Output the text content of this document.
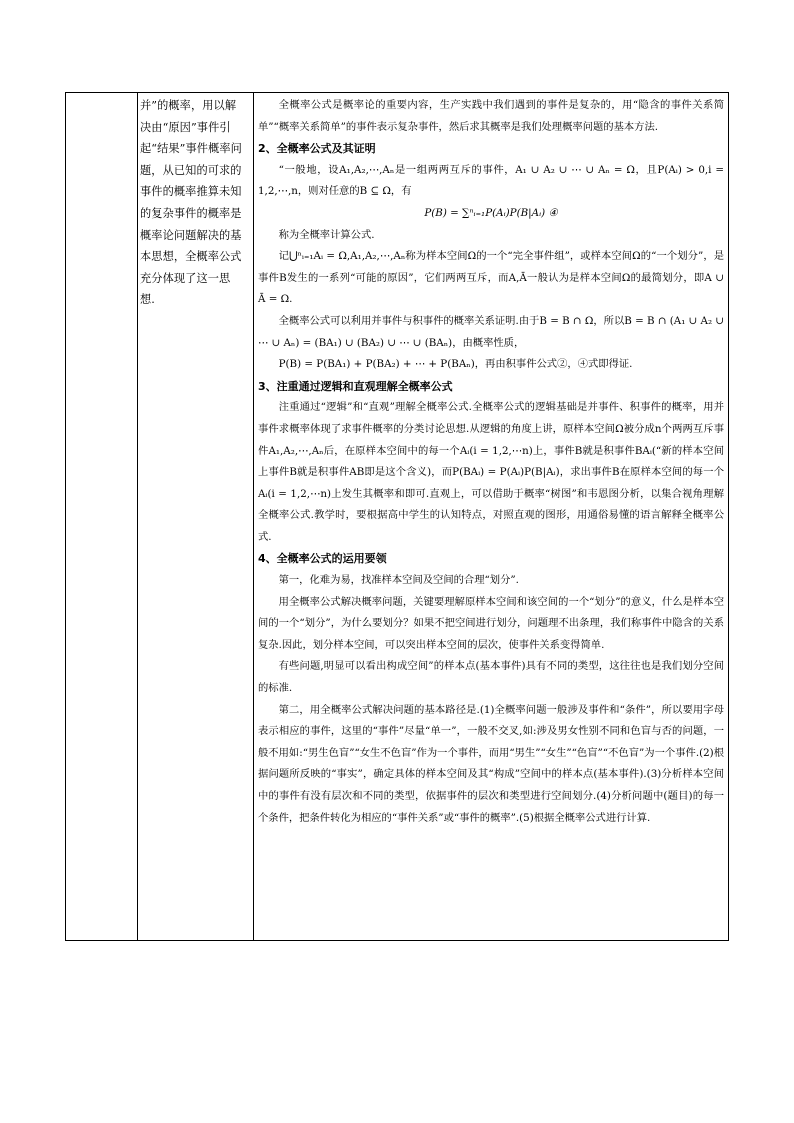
并”的概率，用以解决由“原因”事件引起“结果”事件概率问题，从已知的可求的事件的概率推算未知的复杂事件的概率是概率论问题解决的基本思想，全概率公式充分体现了这一思想.

全概率公式是概率论的重要内容，生产实践中我们遇到的事件是复杂的，用“隐含的事件关系简单”“概率关系简单”的事件表示复杂事件，然后求其概率是我们处理概率问题的基本方法.

2、全概率公式及其证明

“一般地，设A₁,A₂,⋯,Aₙ是一组两两互斥的事件，A₁ ∪ A₂ ∪ ⋯ ∪ Aₙ = Ω，且P(Aᵢ) > 0,i = 1,2,⋯,n，则对任意的B ⊆ Ω，有

P(B) = ∑ⁿᵢ₌₁P(Aᵢ)P(B|Aᵢ) ④

称为全概率计算公式.

记⋃ⁿᵢ₌₁Aᵢ = Ω,A₁,A₂,⋯,Aₙ称为样本空间Ω的一个“完全事件组”，或样本空间Ω的“一个划分”，是事件B发生的一系列“可能的原因”，它们两两互斥，而A,Ā一般认为是样本空间Ω的最简划分，即A ∪ Ā = Ω.

全概率公式可以利用并事件与积事件的概率关系证明.由于B = B ∩ Ω，所以B = B ∩ (A₁ ∪ A₂ ∪ ⋯ ∪ Aₙ) = (BA₁) ∪ (BA₂) ∪ ⋯ ∪ (BAₙ)，由概率性质，

P(B) = P(BA₁) + P(BA₂) + ⋯ + P(BAₙ)，再由积事件公式②，④式即得证.

3、注重通过逻辑和直观理解全概率公式

注重通过“逻辑”和“直观”理解全概率公式.全概率公式的逻辑基础是并事件、积事件的概率，用并事件求概率体现了求事件概率的分类讨论思想.从逻辑的角度上讲，原样本空间Ω被分成n个两两互斥事件A₁,A₂,⋯,Aₙ后，在原样本空间中的每一个Aᵢ(i = 1,2,⋯n)上，事件B就是积事件BAᵢ(“新的样本空间上事件B就是积事件AB即是这个含义)，而P(BAᵢ) = P(Aᵢ)P(B|Aᵢ)，求出事件B在原样本空间的每一个Aᵢ(i = 1,2,⋯n)上发生其概率和即可.直观上，可以借助于概率“树图”和韦恩图分析，以集合视角理解全概率公式.教学时，要根据高中学生的认知特点，对照直观的图形，用通俗易懂的语言解释全概率公式.

4、全概率公式的运用要领

第一，化难为易，找准样本空间及空间的合理“划分”.

用全概率公式解决概率问题，关键要理解原样本空间和该空间的一个“划分”的意义，什么是样本空间的一个“划分”，为什么要划分？如果不把空间进行划分，问题理不出条理，我们称事件中隐含的关系复杂.因此，划分样本空间，可以突出样本空间的层次，使事件关系变得简单.

有些问题,明显可以看出构成空间”的样本点(基本事件)具有不同的类型，这往往也是我们划分空间的标准.

第二，用全概率公式解决问题的基本路径是.(1)全概率问题一般涉及事件和“条件”，所以要用字母表示相应的事件，这里的“事件”尽量“单一”，一般不交叉,如:涉及男女性别不同和色盲与否的问题，一般不用如:“男生色盲”“女生不色盲”作为一个事件，而用“男生”“女生”“色盲”“不色盲”为一个事件.(2)根据问题所反映的“事实”，确定具体的样本空间及其“构成”空间中的样本点(基本事件).(3)分析样本空间中的事件有没有层次和不同的类型，依据事件的层次和类型进行空间划分.(4)分析问题中(题目)的每一个条件，把条件转化为相应的“事件关系”或“事件的概率”.(5)根据全概率公式进行计算.
